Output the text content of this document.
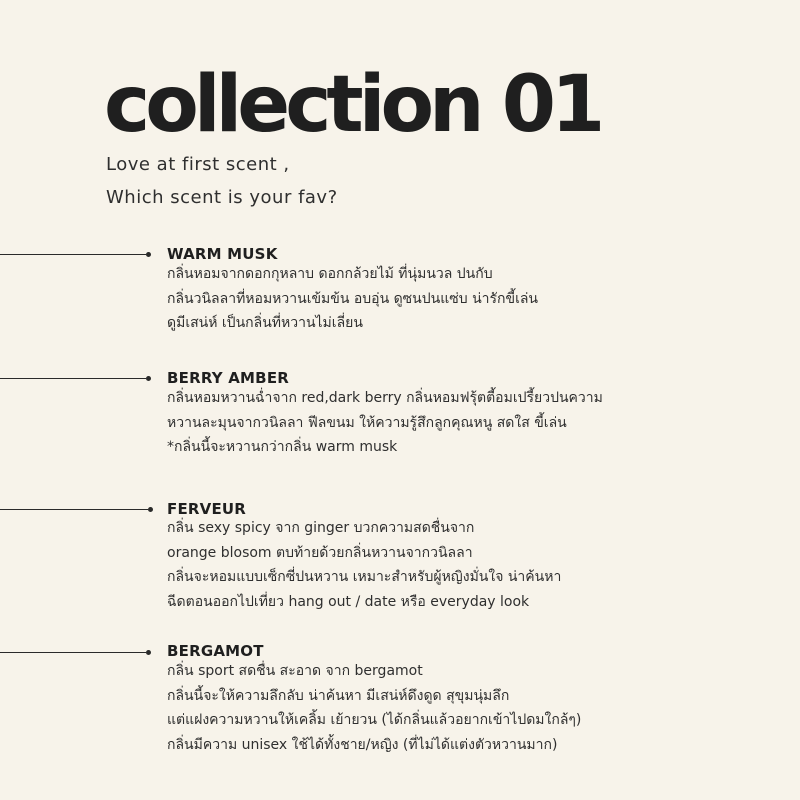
collection 01
Love at first scent ,
Which scent is your fav?
WARM MUSK
กลิ่นหอมจากดอกกุหลาบ ดอกกล้วยไม้ ที่นุ่มนวล ปนกับ
กลิ่นวนิลลาที่หอมหวานเข้มข้น อบอุ่น ดูซนปนแซ่บ น่ารักขี้เล่น
ดูมีเสน่ห์ เป็นกลิ่นที่หวานไม่เลี่ยน
BERRY AMBER
กลิ่นหอมหวานฉ่ำจาก red,dark berry กลิ่นหอมฟรุ้ตตี้อมเปรี้ยวปนความ
หวานละมุนจากวนิลลา ฟีลขนม ให้ความรู้สึกลูกคุณหนู สดใส ขี้เล่น
*กลิ่นนี้จะหวานกว่ากลิ่น warm musk
FERVEUR
กลิ่น sexy spicy จาก ginger บวกความสดชื่นจาก
orange blosom ตบท้ายด้วยกลิ่นหวานจากวนิลลา
กลิ่นจะหอมแบบเซ็กซี่ปนหวาน เหมาะสำหรับผู้หญิงมั่นใจ น่าค้นหา
ฉีดตอนออกไปเที่ยว hang out / date หรือ everyday look
BERGAMOT
กลิ่น sport สดชื่น สะอาด จาก bergamot
กลิ่นนี้จะให้ความลึกลับ น่าค้นหา มีเสน่ห์ดึงดูด สุขุมนุ่มลึก
แต่แฝงความหวานให้เคลิ้ม เย้ายวน (ได้กลิ่นแล้วอยากเข้าไปดมใกล้ๆ)
กลิ่นมีความ unisex ใช้ได้ทั้งชาย/หญิง (ที่ไม่ได้แต่งตัวหวานมาก)
